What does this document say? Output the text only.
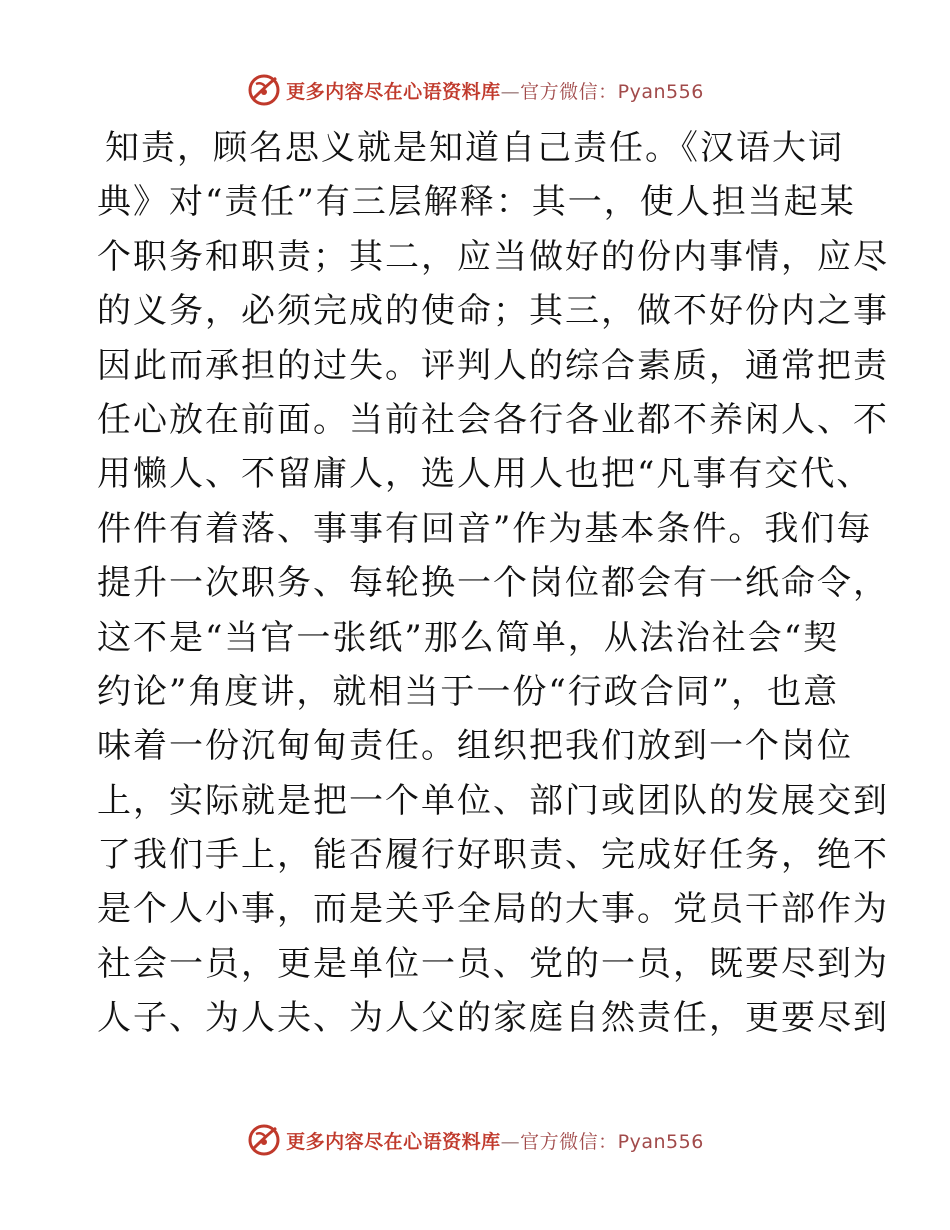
更多内容尽在心语资料库—官方微信：Pyan556
知责，顾名思义就是知道自己责任。《汉语大词
典》对“责任”有三层解释：其一，使人担当起某
个职务和职责；其二，应当做好的份内事情，应尽
的义务，必须完成的使命；其三，做不好份内之事
因此而承担的过失。评判人的综合素质，通常把责
任心放在前面。当前社会各行各业都不养闲人、不
用懒人、不留庸人，选人用人也把“凡事有交代、
件件有着落、事事有回音”作为基本条件。我们每
提升一次职务、每轮换一个岗位都会有一纸命令，
这不是“当官一张纸”那么简单，从法治社会“契
约论”角度讲，就相当于一份“行政合同”，也意
味着一份沉甸甸责任。组织把我们放到一个岗位
上，实际就是把一个单位、部门或团队的发展交到
了我们手上，能否履行好职责、完成好任务，绝不
是个人小事，而是关乎全局的大事。党员干部作为
社会一员，更是单位一员、党的一员，既要尽到为
人子、为人夫、为人父的家庭自然责任，更要尽到
更多内容尽在心语资料库—官方微信：Pyan556
